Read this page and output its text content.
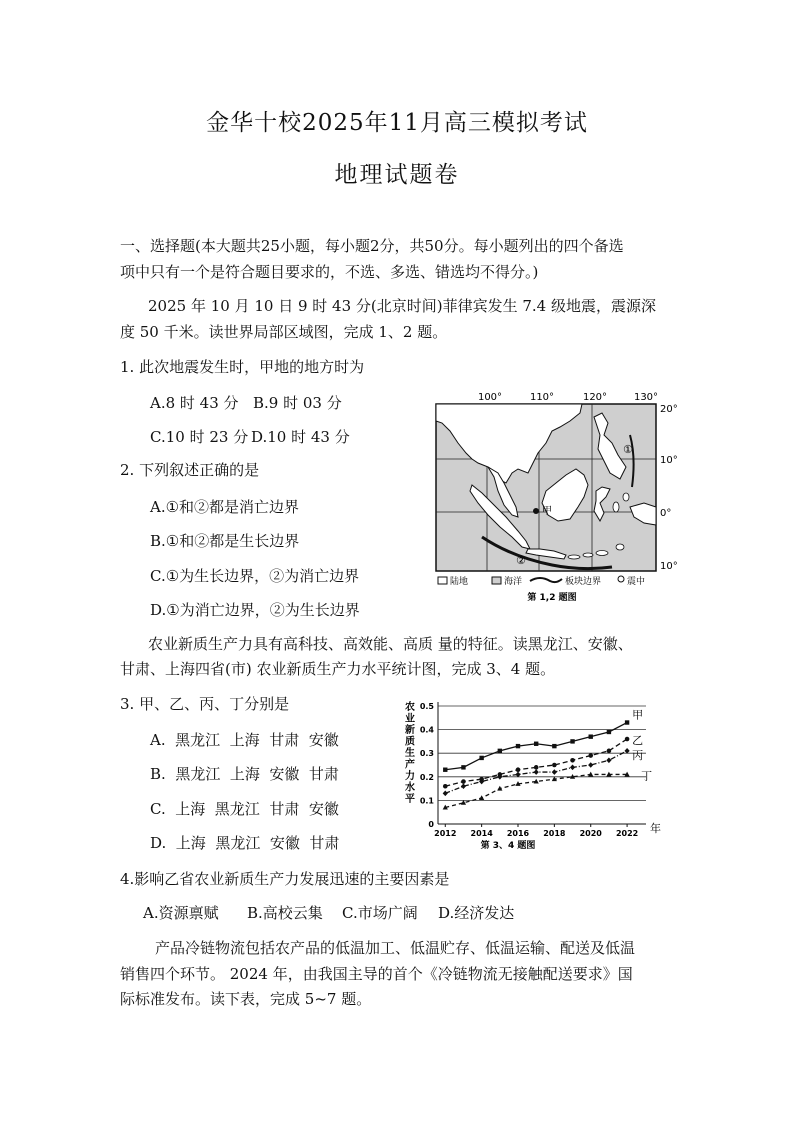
金华十校2025年11月高三模拟考试
地理试题卷
一、选择题(本大题共25小题，每小题2分，共50分。每小题列出的四个备选
项中只有一个是符合题目要求的，不选、多选、错选均不得分。)
2025 年 10 月 10 日 9 时 43 分(北京时间)菲律宾发生 7.4 级地震，震源深
度 50 千米。读世界局部区域图，完成 1、2 题。
1. 此次地震发生时，甲地的地方时为
A.8 时 43 分 B.9 时 03 分
C.10 时 23 分 D.10 时 43 分
2. 下列叙述正确的是
A.①和②都是消亡边界
B.①和②都是生长边界
C.①为生长边界，②为消亡边界
D.①为消亡边界，②为生长边界
100°	110°	120°	130°
甲
①
②
20°
10°
0°
10°
陆地	海洋	板块边界	震中
第 1,2 题图
农业新质生产力具有高科技、高效能、高质 量的特征。读黑龙江、安徽、
甘肃、上海四省(市) 农业新质生产力水平统计图，完成 3、4 题。
3. 甲、乙、丙、丁分别是
A.  黑龙江  上海  甘肃  安徽
B.  黑龙江  上海  安徽  甘肃
C.  上海  黑龙江  甘肃  安徽
D.  上海  黑龙江  安徽  甘肃
农
业
新
质
生
产
力
水
平
0
0.1
0.2
0.3
0.4
0.5
2012 2014 2016 2018 2020 2022
甲
乙
丙
丁
年
第 3、4 题图
4.影响乙省农业新质生产力发展迅速的主要因素是
A.资源禀赋 B.高校云集 C.市场广阔 D.经济发达
产品冷链物流包括农产品的低温加工、低温贮存、低温运输、配送及低温
销售四个环节。 2024 年，由我国主导的首个《冷链物流无接触配送要求》国
际标准发布。读下表，完成 5~7 题。
